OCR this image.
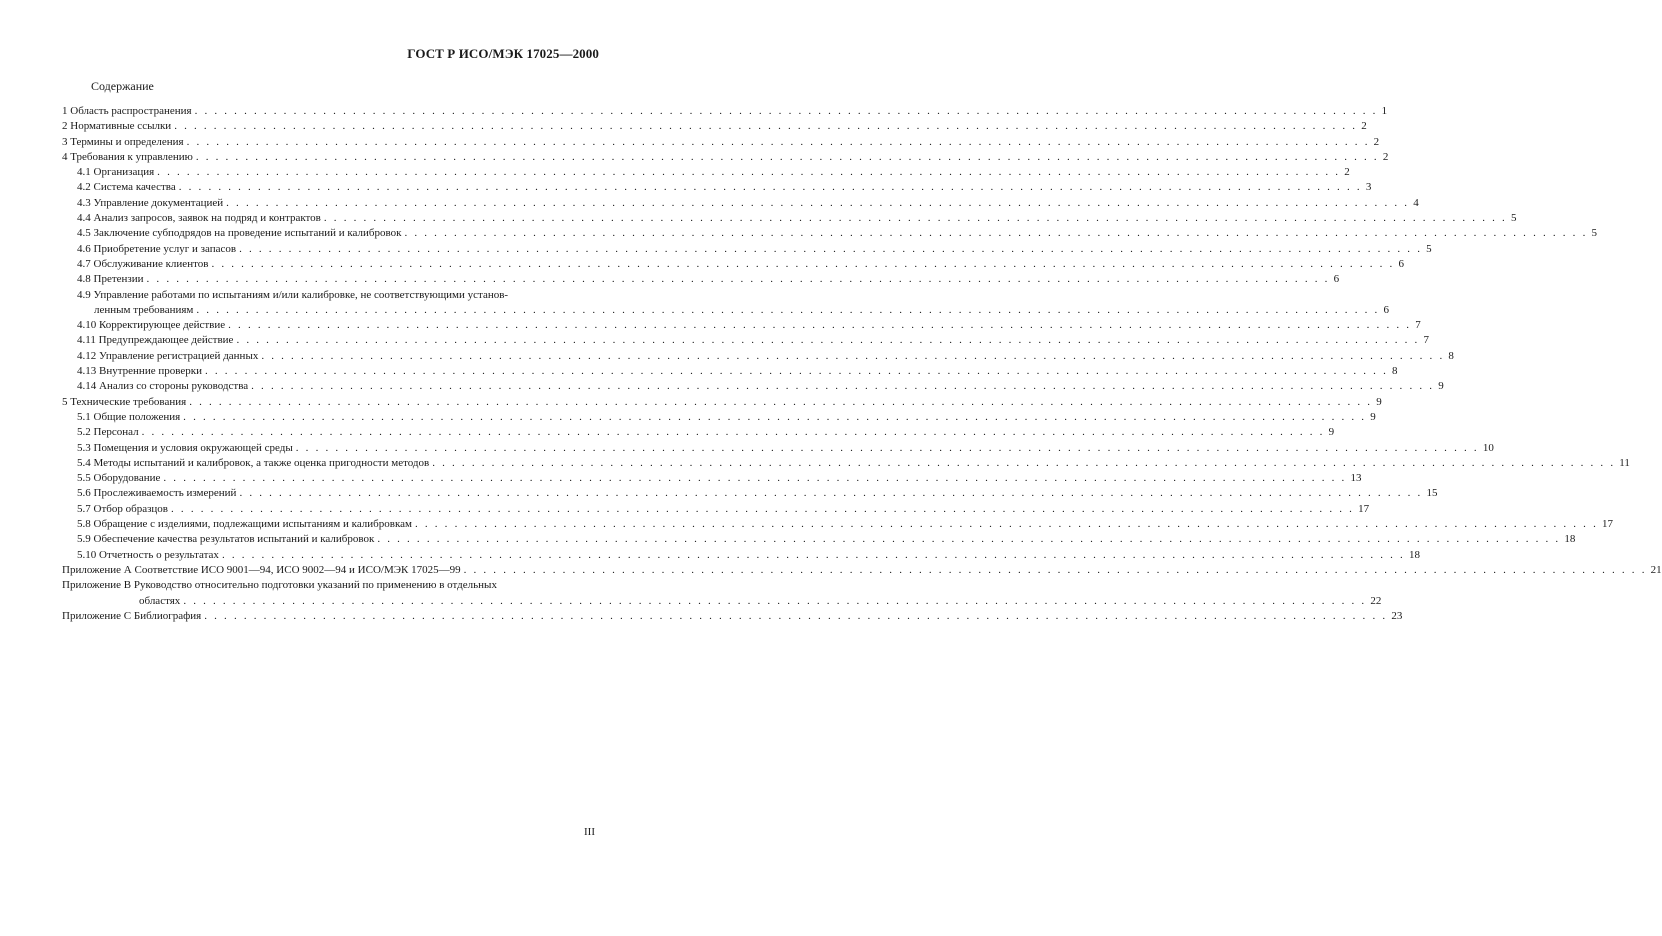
ГОСТ Р ИСО/МЭК 17025—2000
Содержание
1 Область распространения . . . . . . . . . . . . . . . . . . . . . . . . . . . . . . . . . . . . . . . . . . . . . . . . . . . . . . . . . . . . . . . . . . . . . . . . . . . . . . . . . . . . . . . . . . . . . . . . . . . . . . . . . . . . . . . . . . . . . . . . 1
2 Нормативные ссылки . . . . . . . . . . . . . . . . . . . . . . . . . . . . . . . . . . . . . . . . . . . . . . . . . . . . . . . . . . . . . . . . . . . . . . . . . . . . . . . . . . . . . . . . . . . . . . . . . . . . . . . . . . . . . . . . . . . . . . . . 2
3 Термины и определения . . . . . . . . . . . . . . . . . . . . . . . . . . . . . . . . . . . . . . . . . . . . . . . . . . . . . . . . . . . . . . . . . . . . . . . . . . . . . . . . . . . . . . . . . . . . . . . . . . . . . . . . . . . . . . . . . . . . . . . . 2
4 Требования к управлению . . . . . . . . . . . . . . . . . . . . . . . . . . . . . . . . . . . . . . . . . . . . . . . . . . . . . . . . . . . . . . . . . . . . . . . . . . . . . . . . . . . . . . . . . . . . . . . . . . . . . . . . . . . . . . . . . . . . . . . . 2
4.1 Организация . . . . . . . . . . . . . . . . . . . . . . . . . . . . . . . . . . . . . . . . . . . . . . . . . . . . . . . . . . . . . . . . . . . . . . . . . . . . . . . . . . . . . . . . . . . . . . . . . . . . . . . . . . . . . . . . . . . . . . . . 2
4.2 Система качества . . . . . . . . . . . . . . . . . . . . . . . . . . . . . . . . . . . . . . . . . . . . . . . . . . . . . . . . . . . . . . . . . . . . . . . . . . . . . . . . . . . . . . . . . . . . . . . . . . . . . . . . . . . . . . . . . . . . . . . . 3
4.3 Управление документацией . . . . . . . . . . . . . . . . . . . . . . . . . . . . . . . . . . . . . . . . . . . . . . . . . . . . . . . . . . . . . . . . . . . . . . . . . . . . . . . . . . . . . . . . . . . . . . . . . . . . . . . . . . . . . . . . . . . . . . . . 4
4.4 Анализ запросов, заявок на подряд и контрактов . . . . . . . . . . . . . . . . . . . . . . . . . . . . . . . . . . . . . . . . . . . . . . . . . . . . . . . . . . . . . . . . . . . . . . . . . . . . . . . . . . . . . . . . . . . . . . . . . . . . . . . . . . . . . . . . . . . . . . . . 5
4.5 Заключение субподрядов на проведение испытаний и калибровок . . . . . . . . . . . . . . . . . . . . . . . . . . . . . . . . . . . . . . . . . . . . . . . . . . . . . . . . . . . . . . . . . . . . . . . . . . . . . . . . . . . . . . . . . . . . . . . . . . . . . . . . . . . . . . . . . . . . . . . . 5
4.6 Приобретение услуг и запасов . . . . . . . . . . . . . . . . . . . . . . . . . . . . . . . . . . . . . . . . . . . . . . . . . . . . . . . . . . . . . . . . . . . . . . . . . . . . . . . . . . . . . . . . . . . . . . . . . . . . . . . . . . . . . . . . . . . . . . . . 5
4.7 Обслуживание клиентов . . . . . . . . . . . . . . . . . . . . . . . . . . . . . . . . . . . . . . . . . . . . . . . . . . . . . . . . . . . . . . . . . . . . . . . . . . . . . . . . . . . . . . . . . . . . . . . . . . . . . . . . . . . . . . . . . . . . . . . . 6
4.8 Претензии . . . . . . . . . . . . . . . . . . . . . . . . . . . . . . . . . . . . . . . . . . . . . . . . . . . . . . . . . . . . . . . . . . . . . . . . . . . . . . . . . . . . . . . . . . . . . . . . . . . . . . . . . . . . . . . . . . . . . . . . 6
4.9 Управление работами по испытаниям и/или калибровке, не соответствующими установ-
ленным требованиям . . . . . . . . . . . . . . . . . . . . . . . . . . . . . . . . . . . . . . . . . . . . . . . . . . . . . . . . . . . . . . . . . . . . . . . . . . . . . . . . . . . . . . . . . . . . . . . . . . . . . . . . . . . . . . . . . . . . . . . . 6
4.10 Корректирующее действие . . . . . . . . . . . . . . . . . . . . . . . . . . . . . . . . . . . . . . . . . . . . . . . . . . . . . . . . . . . . . . . . . . . . . . . . . . . . . . . . . . . . . . . . . . . . . . . . . . . . . . . . . . . . . . . . . . . . . . . . 7
4.11 Предупреждающее действие . . . . . . . . . . . . . . . . . . . . . . . . . . . . . . . . . . . . . . . . . . . . . . . . . . . . . . . . . . . . . . . . . . . . . . . . . . . . . . . . . . . . . . . . . . . . . . . . . . . . . . . . . . . . . . . . . . . . . . . . 7
4.12 Управление регистрацией данных . . . . . . . . . . . . . . . . . . . . . . . . . . . . . . . . . . . . . . . . . . . . . . . . . . . . . . . . . . . . . . . . . . . . . . . . . . . . . . . . . . . . . . . . . . . . . . . . . . . . . . . . . . . . . . . . . . . . . . . . 8
4.13 Внутренние проверки . . . . . . . . . . . . . . . . . . . . . . . . . . . . . . . . . . . . . . . . . . . . . . . . . . . . . . . . . . . . . . . . . . . . . . . . . . . . . . . . . . . . . . . . . . . . . . . . . . . . . . . . . . . . . . . . . . . . . . . . 8
4.14 Анализ со стороны руководства . . . . . . . . . . . . . . . . . . . . . . . . . . . . . . . . . . . . . . . . . . . . . . . . . . . . . . . . . . . . . . . . . . . . . . . . . . . . . . . . . . . . . . . . . . . . . . . . . . . . . . . . . . . . . . . . . . . . . . . . 9
5 Технические требования . . . . . . . . . . . . . . . . . . . . . . . . . . . . . . . . . . . . . . . . . . . . . . . . . . . . . . . . . . . . . . . . . . . . . . . . . . . . . . . . . . . . . . . . . . . . . . . . . . . . . . . . . . . . . . . . . . . . . . . . 9
5.1 Общие положения . . . . . . . . . . . . . . . . . . . . . . . . . . . . . . . . . . . . . . . . . . . . . . . . . . . . . . . . . . . . . . . . . . . . . . . . . . . . . . . . . . . . . . . . . . . . . . . . . . . . . . . . . . . . . . . . . . . . . . . . 9
5.2 Персонал . . . . . . . . . . . . . . . . . . . . . . . . . . . . . . . . . . . . . . . . . . . . . . . . . . . . . . . . . . . . . . . . . . . . . . . . . . . . . . . . . . . . . . . . . . . . . . . . . . . . . . . . . . . . . . . . . . . . . . . . 9
5.3 Помещения и условия окружающей среды . . . . . . . . . . . . . . . . . . . . . . . . . . . . . . . . . . . . . . . . . . . . . . . . . . . . . . . . . . . . . . . . . . . . . . . . . . . . . . . . . . . . . . . . . . . . . . . . . . . . . . . . . . . . . . . . . . . . . . . . 10
5.4 Методы испытаний и калибровок, а также оценка пригодности методов . . . . . . . . . . . . . . . . . . . . . . . . . . . . . . . . . . . . . . . . . . . . . . . . . . . . . . . . . . . . . . . . . . . . . . . . . . . . . . . . . . . . . . . . . . . . . . . . . . . . . . . . . . . . . . . . . . . . . . . . 11
5.5 Оборудование . . . . . . . . . . . . . . . . . . . . . . . . . . . . . . . . . . . . . . . . . . . . . . . . . . . . . . . . . . . . . . . . . . . . . . . . . . . . . . . . . . . . . . . . . . . . . . . . . . . . . . . . . . . . . . . . . . . . . . . . 13
5.6 Прослеживаемость измерений . . . . . . . . . . . . . . . . . . . . . . . . . . . . . . . . . . . . . . . . . . . . . . . . . . . . . . . . . . . . . . . . . . . . . . . . . . . . . . . . . . . . . . . . . . . . . . . . . . . . . . . . . . . . . . . . . . . . . . . . 15
5.7 Отбор образцов . . . . . . . . . . . . . . . . . . . . . . . . . . . . . . . . . . . . . . . . . . . . . . . . . . . . . . . . . . . . . . . . . . . . . . . . . . . . . . . . . . . . . . . . . . . . . . . . . . . . . . . . . . . . . . . . . . . . . . . . 17
5.8 Обращение с изделиями, подлежащими испытаниям и калибровкам . . . . . . . . . . . . . . . . . . . . . . . . . . . . . . . . . . . . . . . . . . . . . . . . . . . . . . . . . . . . . . . . . . . . . . . . . . . . . . . . . . . . . . . . . . . . . . . . . . . . . . . . . . . . . . . . . . . . . . . . 17
5.9 Обеспечение качества результатов испытаний и калибровок . . . . . . . . . . . . . . . . . . . . . . . . . . . . . . . . . . . . . . . . . . . . . . . . . . . . . . . . . . . . . . . . . . . . . . . . . . . . . . . . . . . . . . . . . . . . . . . . . . . . . . . . . . . . . . . . . . . . . . . . 18
5.10 Отчетность о результатах . . . . . . . . . . . . . . . . . . . . . . . . . . . . . . . . . . . . . . . . . . . . . . . . . . . . . . . . . . . . . . . . . . . . . . . . . . . . . . . . . . . . . . . . . . . . . . . . . . . . . . . . . . . . . . . . . . . . . . . . 18
Приложение А Соответствие ИСО 9001—94, ИСО 9002—94 и ИСО/МЭК 17025—99 . . . . . . . . . . . . . . . . . . . . . . . . . . . . . . . . . . . . . . . . . . . . . . . . . . . . . . . . . . . . . . . . . . . . . . . . . . . . . . . . . . . . . . . . . . . . . . . . . . . . . . . . . . . . . . . . . . . . . . . . 21
Приложение В Руководство относительно подготовки указаний по применению в отдельных
областях . . . . . . . . . . . . . . . . . . . . . . . . . . . . . . . . . . . . . . . . . . . . . . . . . . . . . . . . . . . . . . . . . . . . . . . . . . . . . . . . . . . . . . . . . . . . . . . . . . . . . . . . . . . . . . . . . . . . . . . . 22
Приложение С Библиография . . . . . . . . . . . . . . . . . . . . . . . . . . . . . . . . . . . . . . . . . . . . . . . . . . . . . . . . . . . . . . . . . . . . . . . . . . . . . . . . . . . . . . . . . . . . . . . . . . . . . . . . . . . . . . . . . . . . . . . . 23
III
